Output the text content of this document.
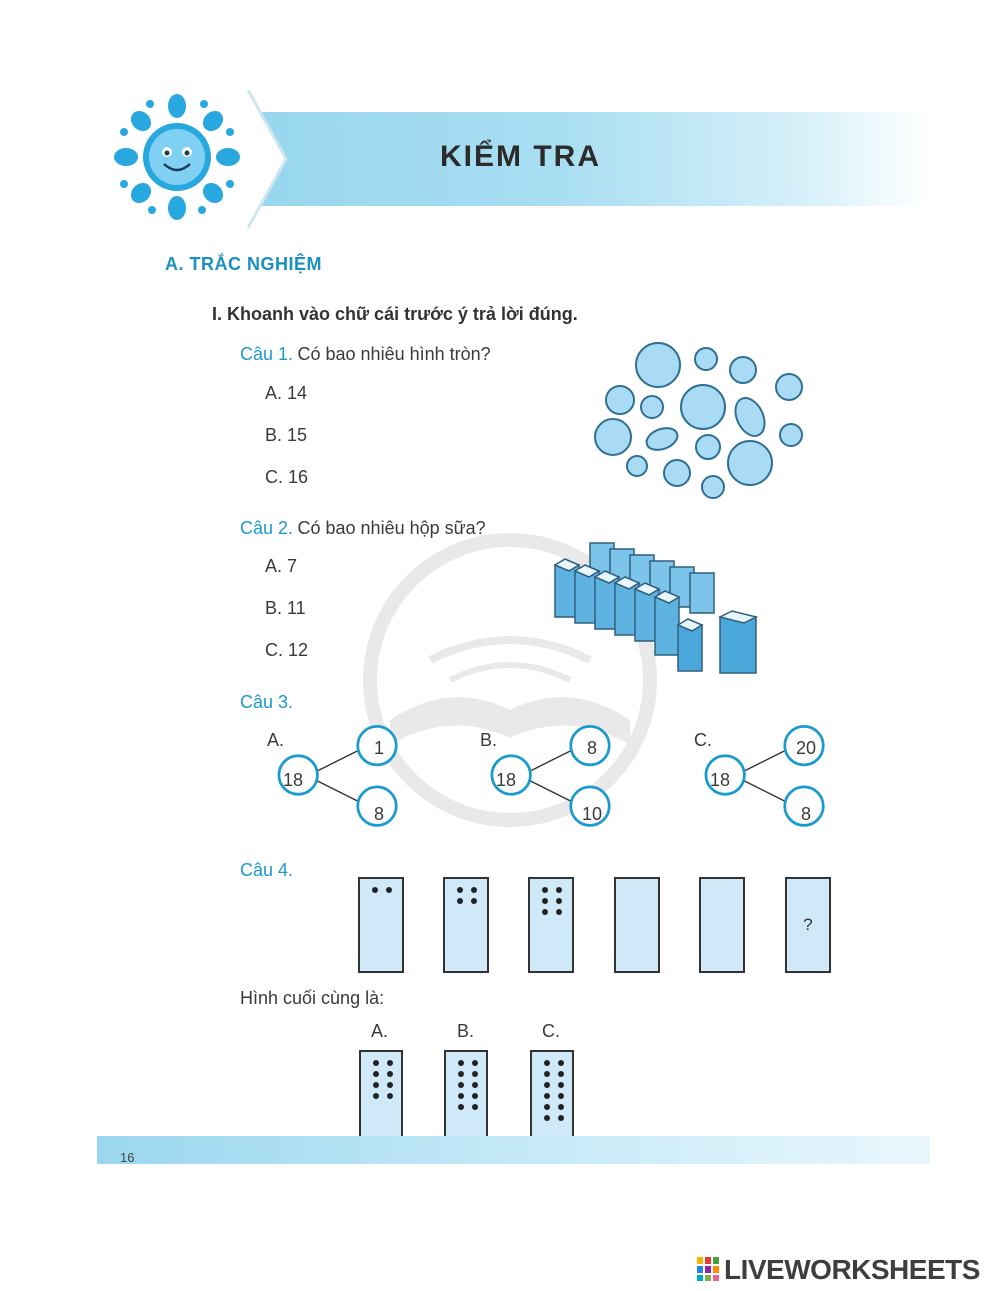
KIỂM TRA
A. TRẮC NGHIỆM
I. Khoanh vào chữ cái trước ý trả lời đúng.
Câu 1. Có bao nhiêu hình tròn?
A. 14
B. 15
C. 16
Câu 2. Có bao nhiêu hộp sữa?
A. 7
B. 11
C. 12
Câu 3.
A.
18
1
8
B.
18
8
10
C.
18
20
8
Câu 4.
?
Hình cuối cùng là:
A.	B.	C.
16
LIVEWORKSHEETS
